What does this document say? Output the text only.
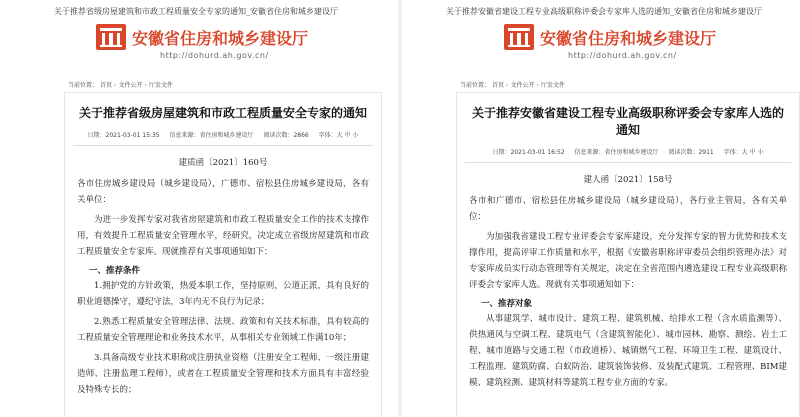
关于推荐省级房屋建筑和市政工程质量安全专家的通知_安徽省住房和城乡建设厅
安徽省住房和城乡建设厅
http://dohurd.ah.gov.cn/
当前位置： 首页 › 文件公开 › 厅发文件
关于推荐省级房屋建筑和市政工程质量安全专家的通知
日期：2021-03-01 15:35 信息来源：省住房和城乡建设厅 阅读次数：2866 字体：大 中 小
建质函〔2021〕160号

各市住房城乡建设局（城乡建设局），广德市、宿松县住房城乡建设局，各有关单位：

为进一步发挥专家对我省房屋建筑和市政工程质量安全工作的技术支撑作用，有效提升工程质量安全管理水平，经研究，决定成立省级房屋建筑和市政工程质量安全专家库。现就推荐有关事项通知如下：

一、推荐条件

1.拥护党的方针政策，热爱本职工作，坚持原则，公道正派，具有良好的职业道德操守，遵纪守法，3年内无不良行为记录；

2.熟悉工程质量安全管理法律、法规、政策和有关技术标准，具有较高的工程质量安全管理理论和业务技术水平，从事相关专业领域工作满10年；

3.具备高级专业技术职称或注册执业资格（注册安全工程师、一级注册建造师、注册监理工程师），或者在工程质量安全管理和技术方面具有丰富经验及特殊专长的；

关于推荐安徽省建设工程专业高级职称评委会专家库人选的通知_安徽省住房和城乡建设厅
安徽省住房和城乡建设厅
http://dohurd.ah.gov.cn/
当前位置： 首页 › 文件公开 › 厅发文件
关于推荐安徽省建设工程专业高级职称评委会专家库人选的通知
日期：2021-03-01 16:52 信息来源：省住房和城乡建设厅 阅读次数：2911 字体：大 中 小
建人函〔2021〕158号

各市和广德市、宿松县住房城乡建设局（城乡建设局），各行业主管局，各有关单位：

为加强我省建设工程专业评委会专家库建设，充分发挥专家的智力优势和技术支撑作用，提高评审工作质量和水平，根据《安徽省职称评审委员会组织管理办法》对专家库成员实行动态管理等有关规定，决定在全省范围内遴选建设工程专业高级职称评委会专家库人选。现就有关事项通知如下：

一、推荐对象

从事建筑学、城市设计、建筑工程、建筑机械、给排水工程（含水质监测等）、供热通风与空调工程、建筑电气（含建筑智能化）、城市园林、勘察、测绘、岩土工程、城市道路与交通工程（市政道桥）、城镇燃气工程、环境卫生工程、建筑设计、工程监理、建筑防腐、白蚁防治、建筑装饰装修、及装配式建筑、工程管理、BIM建模、建筑检测、建筑材料等建筑工程专业方面的专家。
